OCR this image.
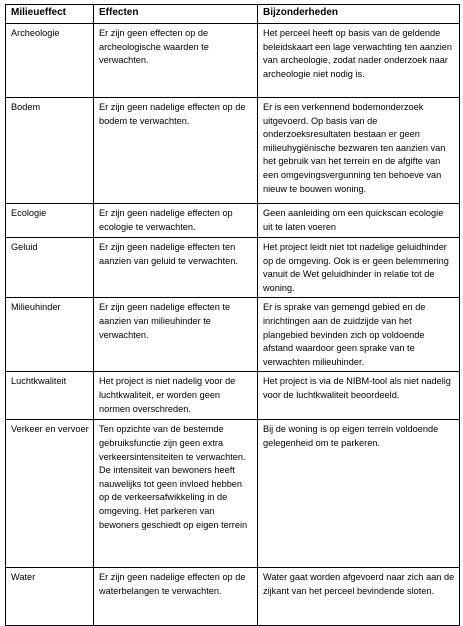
Milieueffect	Effecten	Bijzonderheden
Archeologie	Er zijn geen effecten op de archeologische waarden te verwachten.	Het perceel heeft op basis van de geldende beleidskaart een lage verwachting ten aanzien van archeologie, zodat nader onderzoek naar archeologie niet nodig is.
Bodem	Er zijn geen nadelige effecten op de bodem te verwachten.	Er is een verkennend bodemonderzoek uitgevoerd. Op basis van de onderzoeksresultaten bestaan er geen milieuhygiënische bezwaren ten aanzien van het gebruik van het terrein en de afgifte van een omgevingsvergunning ten behoeve van nieuw te bouwen woning.
Ecologie	Er zijn geen nadelige effecten op ecologie te verwachten.	Geen aanleiding om een quickscan ecologie uit te laten voeren
Geluid	Er zijn geen nadelige effecten ten aanzien van geluid te verwachten.	Het project leidt niet tot nadelige geluidhinder op de omgeving. Ook is er geen belemmering vanuit de Wet geluidhinder in relatie tot de woning.
Milieuhinder	Er zijn geen nadelige effecten te aanzien van milieuhinder te verwachten.	Er is sprake van gemengd gebied en de inrichtingen aan de zuidzijde van het plangebied bevinden zich op voldoende afstand waardoor geen sprake van te verwachten milieuhinder.
Luchtkwaliteit	Het project is niet nadelig voor de luchtkwaliteit, er worden geen normen overschreden.	Het project is via de NIBM-tool als niet nadelig voor de luchtkwaliteit beoordeeld.
Verkeer en vervoer	Ten opzichte van de bestemde gebruiksfunctie zijn geen extra verkeersintensiteiten te verwachten. De intensiteit van bewoners heeft nauwelijks tot geen invloed hebben op de verkeersafwikkeling in de omgeving. Het parkeren van bewoners geschiedt op eigen terrein	Bij de woning is op eigen terrein voldoende gelegenheid om te parkeren.
Water	Er zijn geen nadelige effecten op de waterbelangen te verwachten.	Water gaat worden afgevoerd naar zich aan de zijkant van het perceel bevindende sloten.
